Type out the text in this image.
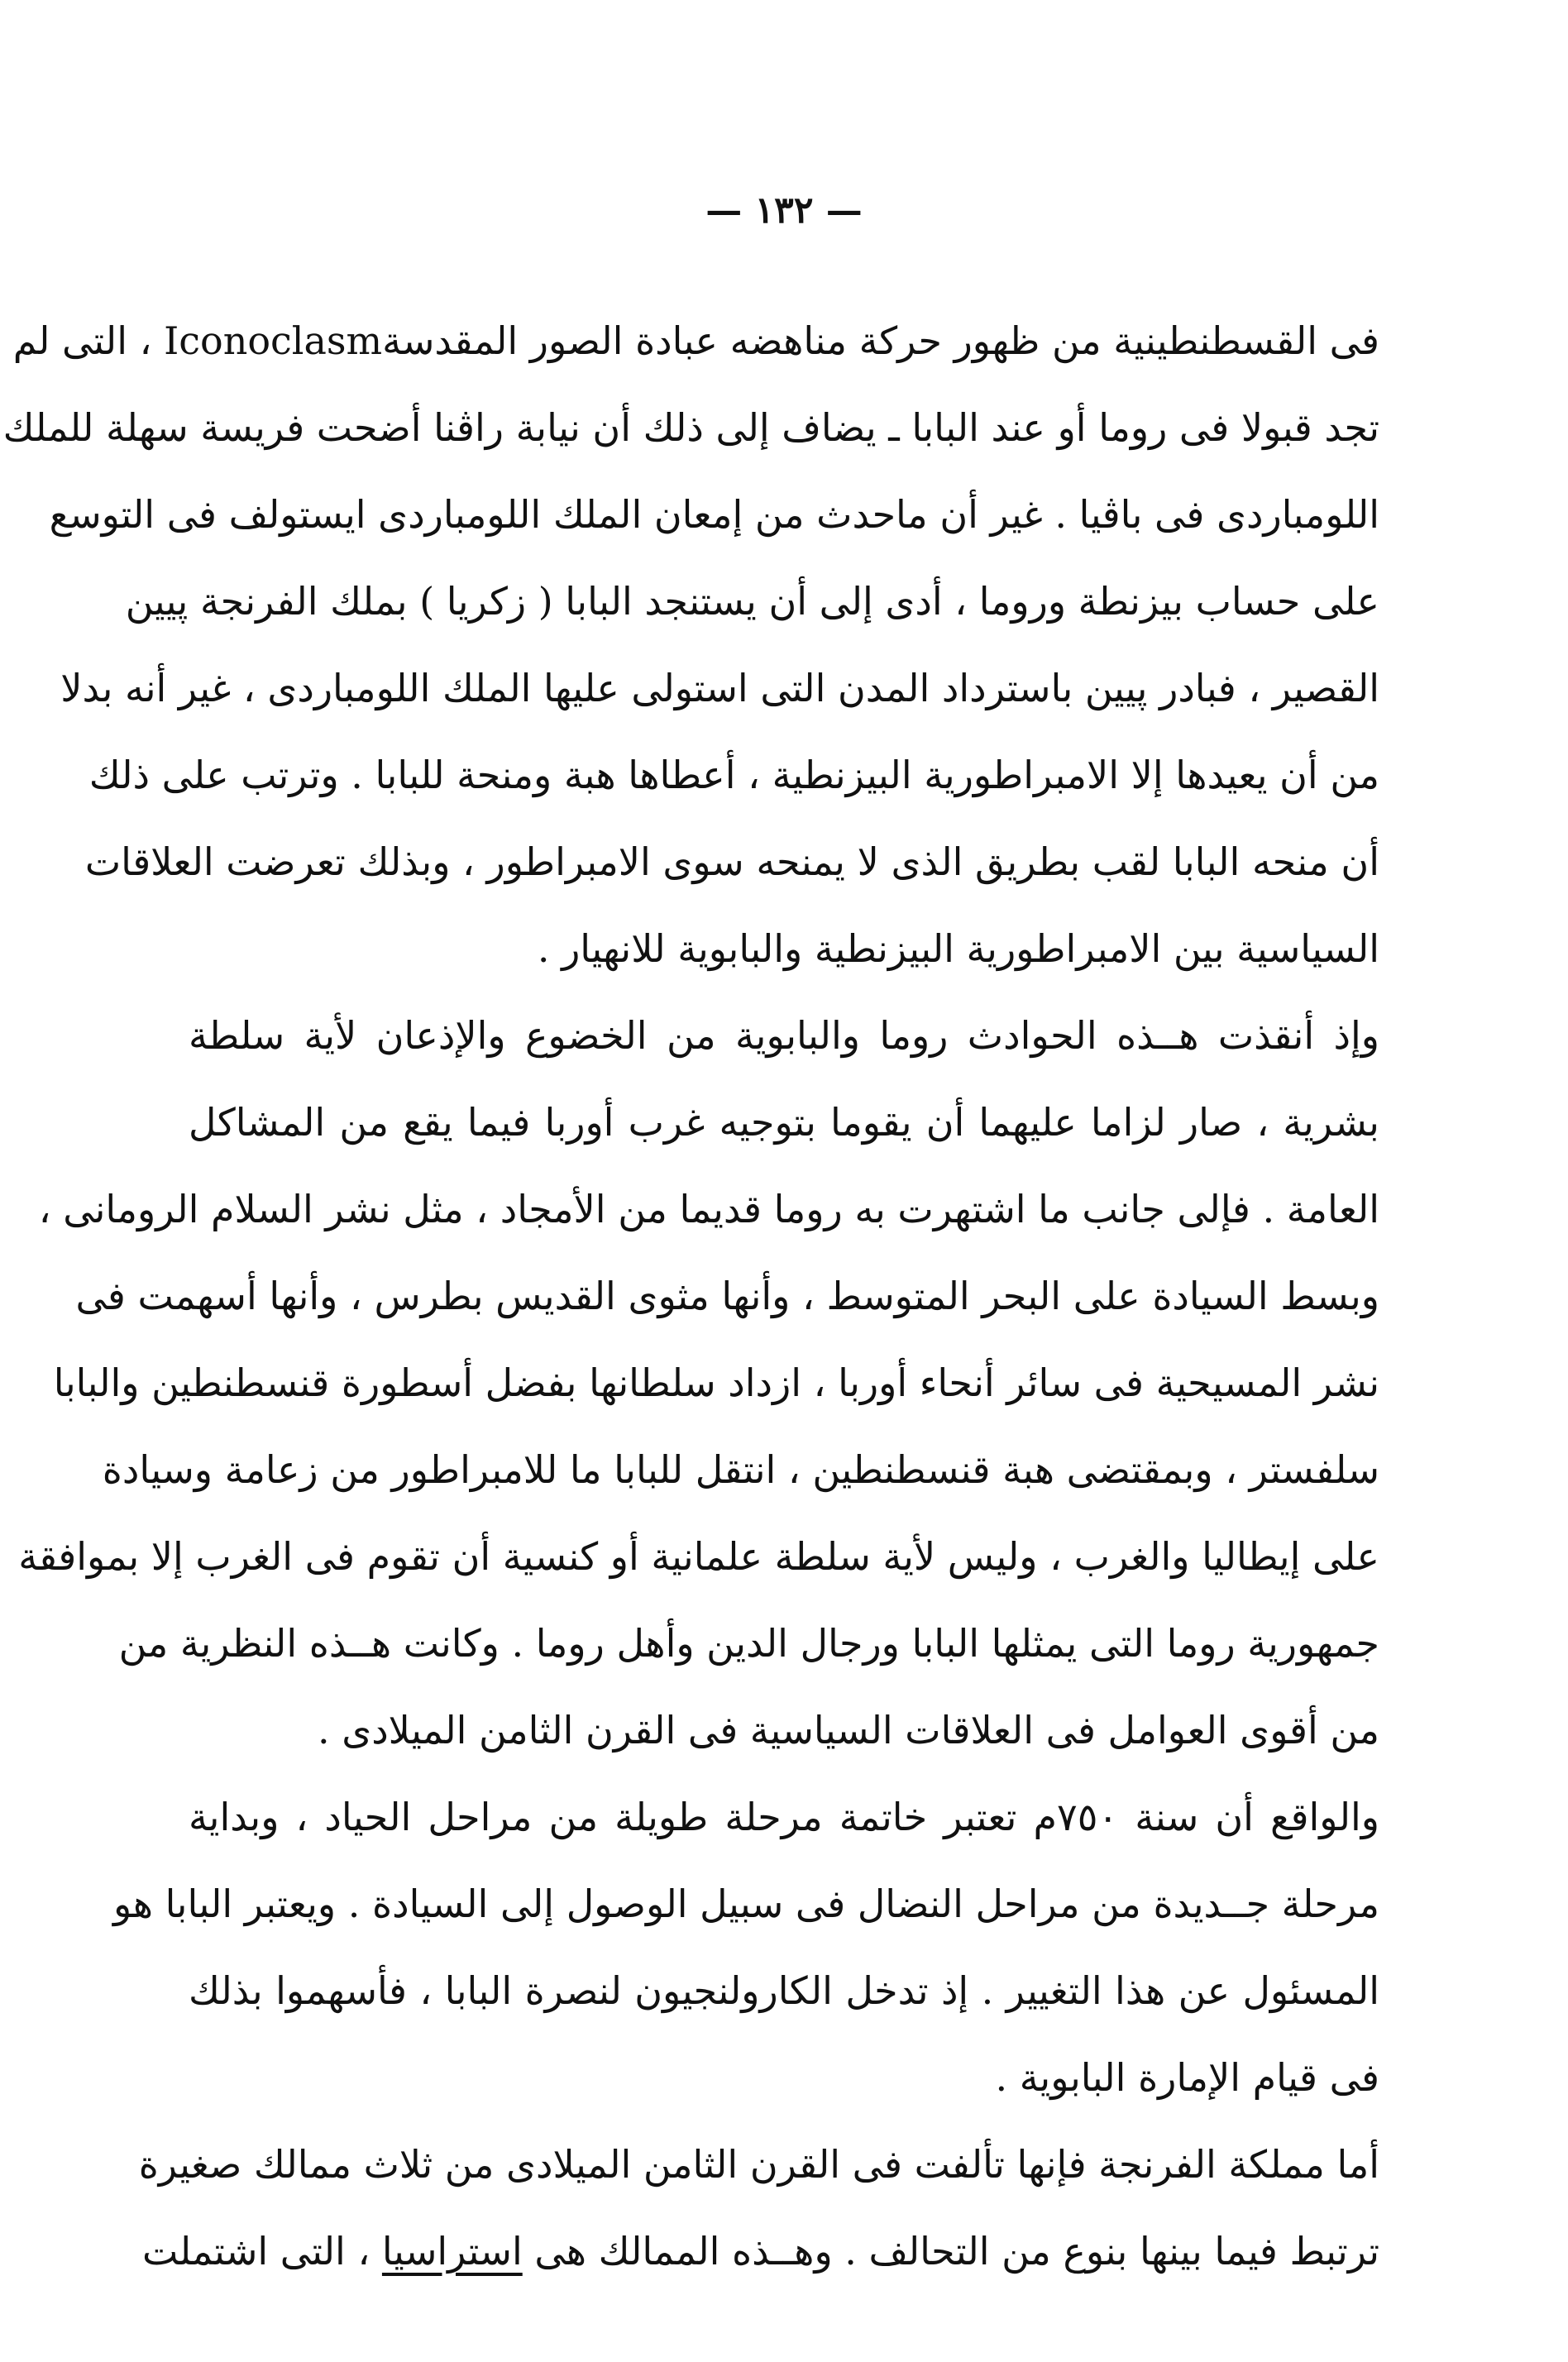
— ١٣٢ —
فى القسطنطينية من ظهور حركة مناهضه عبادة الصور المقدسةIconoclasm ، التى لم
تجد قبولا فى روما أو عند البابا ـ يضاف إلى ذلك أن نيابة راڤنا أضحت فريسة سهلة للملك
اللومباردى فى باڤيا . غير أن ماحدث من إمعان الملك اللومباردى ايستولف فى التوسع
على حساب بيزنطة وروما ، أدى إلى أن يستنجد البابا ( زكريا ) بملك الفرنجة پيين
القصير ، فبادر پيين باسترداد المدن التى استولى عليها الملك اللومباردى ، غير أنه بدلا
من أن يعيدها إلا الامبراطورية البيزنطية ، أعطاها هبة ومنحة للبابا . وترتب على ذلك
أن منحه البابا لقب بطريق الذى لا يمنحه سوى الامبراطور ، وبذلك تعرضت العلاقات
السياسية بين الامبراطورية البيزنطية والبابوية للانهيار .
وإذ أنقذت هــذه الحوادث روما والبابوية من الخضوع والإذعان لأية سلطة
بشرية ، صار لزاما عليهما أن يقوما بتوجيه غرب أوربا فيما يقع من المشاكل
العامة . فإلى جانب ما اشتهرت به روما قديما من الأمجاد ، مثل نشر السلام الرومانى ،
وبسط السيادة على البحر المتوسط ، وأنها مثوى القديس بطرس ، وأنها أسهمت فى
نشر المسيحية فى سائر أنحاء أوربا ، ازداد سلطانها بفضل أسطورة قنسطنطين والبابا
سلفستر ، وبمقتضى هبة قنسطنطين ، انتقل للبابا ما للامبراطور من زعامة وسيادة
على إيطاليا والغرب ، وليس لأية سلطة علمانية أو كنسية أن تقوم فى الغرب إلا بموافقة
جمهورية روما التى يمثلها البابا ورجال الدين وأهل روما . وكانت هــذه النظرية من
من أقوى العوامل فى العلاقات السياسية فى القرن الثامن الميلادى .
والواقع أن سنة ٧٥٠م تعتبر خاتمة مرحلة طويلة من مراحل الحياد ، وبداية
مرحلة جــديدة من مراحل النضال فى سبيل الوصول إلى السيادة . ويعتبر البابا هو
المسئول عن هذا التغيير . إذ تدخل الكارولنجيون لنصرة البابا ، فأسهموا بذلك
فى قيام الإمارة البابوية .
أما مملكة الفرنجة فإنها تألفت فى القرن الثامن الميلادى من ثلاث ممالك صغيرة
ترتبط فيما بينها بنوع من التحالف . وهــذه الممالك هى استراسيا ، التى اشتملت
